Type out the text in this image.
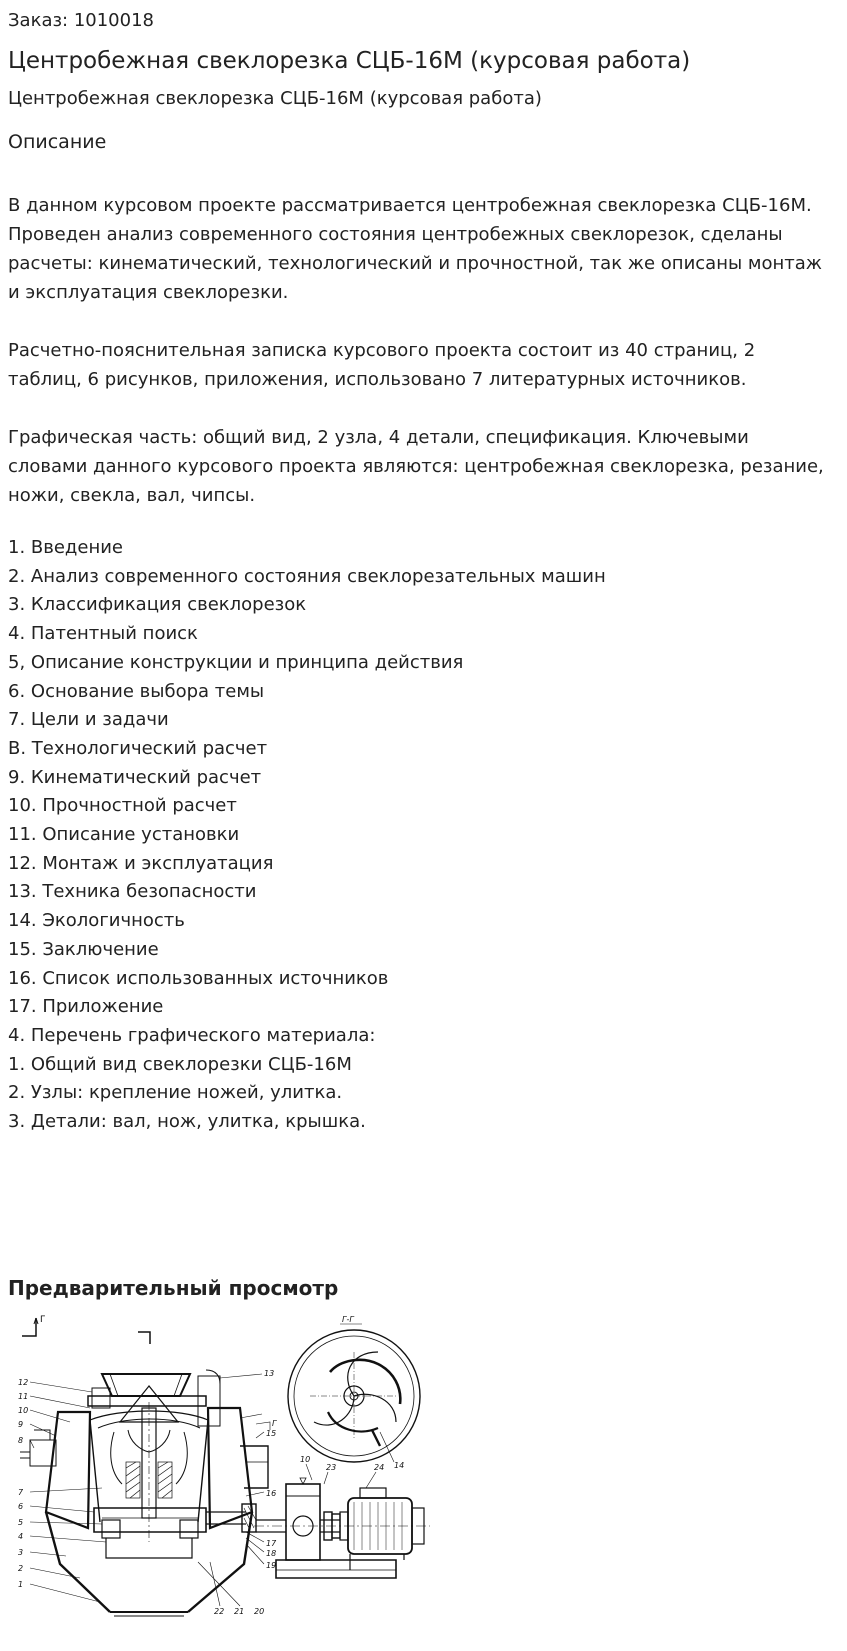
Заказ: 1010018
Центробежная свеклорезка СЦБ-16М (курсовая работа)
Центробежная свеклорезка СЦБ-16М (курсовая работа)
Описание
В данном курсовом проекте рассматривается центробежная свеклорезка СЦБ-16М. Проведен анализ современного состояния центробежных свеклорезок, сделаны расчеты: кинематический, технологический и прочностной, так же описаны монтаж и эксплуатация свеклорезки.
Расчетно-пояснительная записка курсового проекта состоит из 40 страниц, 2 таблиц, 6 рисунков, приложения, использовано 7 литературных источников.
Графическая часть: общий вид, 2 узла, 4 детали, спецификация. Ключевыми словами данного курсового проекта являются: центробежная свеклорезка, резание, ножи, свекла, вал, чипсы.
1. Введение
2. Анализ современного состояния свеклорезательных машин
3. Классификация свеклорезок
4. Патентный поиск
5, Описание конструкции и принципа действия
6. Основание выбора темы
7. Цели и задачи
В. Технологический расчет
9. Кинематический расчет
10. Прочностной расчет
11. Описание установки
12. Монтаж и эксплуатация
13. Техника безопасности
14. Экологичность
15. Заключение
16. Список использованных источников
17. Приложение
4. Перечень графического материала:
1. Общий вид свеклорезки СЦБ-16М
2. Узлы: крепление ножей, улитка.
3. Детали: вал, нож, улитка, крышка.
Предварительный просмотр
Г
12
11
10
9
8
7
6
5
4
3
2
1
13
Г
15
16
17
18
19
20
21
22
Г-Г
14
10
23	24
